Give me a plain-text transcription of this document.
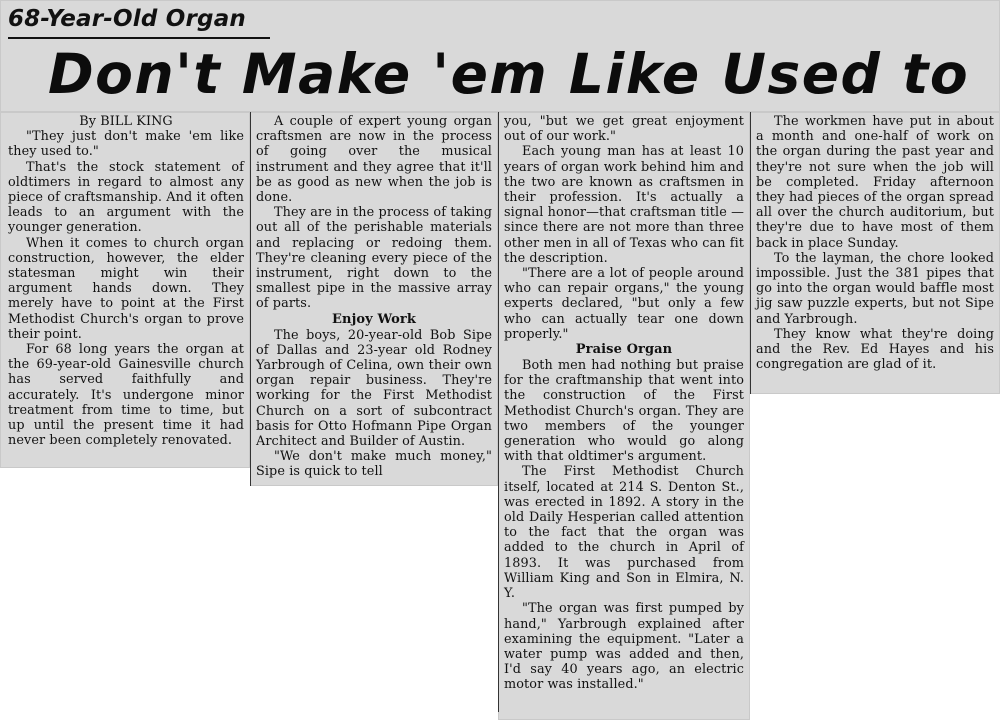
68-Year-Old Organ
Don't Make 'em Like Used to

By BILL KING

"They just don't make 'em like they used to."

That's the stock statement of oldtimers in regard to almost any piece of craftsmanship. And it often leads to an argument with the younger generation.

When it comes to church organ construction, however, the elder statesman might win their argument hands down. They merely have to point at the First Methodist Church's organ to prove their point.

For 68 long years the organ at the 69-year-old Gainesville church has served faithfully and accurately. It's undergone minor treatment from time to time, but up until the present time it had never been completely renovated.

A couple of expert young organ craftsmen are now in the process of going over the musical instrument and they agree that it'll be as good as new when the job is done.

They are in the process of taking out all of the perishable materials and replacing or redoing them. They're cleaning every piece of the instrument, right down to the smallest pipe in the massive array of parts.

Enjoy Work

The boys, 20-year-old Bob Sipe of Dallas and 23-year old Rodney Yarbrough of Celina, own their own organ repair business. They're working for the First Methodist Church on a sort of subcontract basis for Otto Hofmann Pipe Organ Architect and Builder of Austin.

"We don't make much money," Sipe is quick to tell

you, "but we get great enjoyment out of our work."

Each young man has at least 10 years of organ work behind him and the two are known as craftsmen in their profession. It's actually a signal honor—that craftsman title — since there are not more than three other men in all of Texas who can fit the description.

"There are a lot of people around who can repair organs," the young experts declared, "but only a few who can actually tear one down properly."

Praise Organ

Both men had nothing but praise for the craftmanship that went into the construction of the First Methodist Church's organ. They are two members of the younger generation who would go along with that oldtimer's argument.

The First Methodist Church itself, located at 214 S. Denton St., was erected in 1892. A story in the old Daily Hesperian called attention to the fact that the organ was added to the church in April of 1893. It was purchased from William King and Son in Elmira, N. Y.

"The organ was first pumped by hand," Yarbrough explained after examining the equipment. "Later a water pump was added and then, I'd say 40 years ago, an electric motor was installed."

The workmen have put in about a month and one-half of work on the organ during the past year and they're not sure when the job will be completed. Friday afternoon they had pieces of the organ spread all over the church auditorium, but they're due to have most of them back in place Sunday.

To the layman, the chore looked impossible. Just the 381 pipes that go into the organ would baffle most jig saw puzzle experts, but not Sipe and Yarbrough.

They know what they're doing and the Rev. Ed Hayes and his congregation are glad of it.
